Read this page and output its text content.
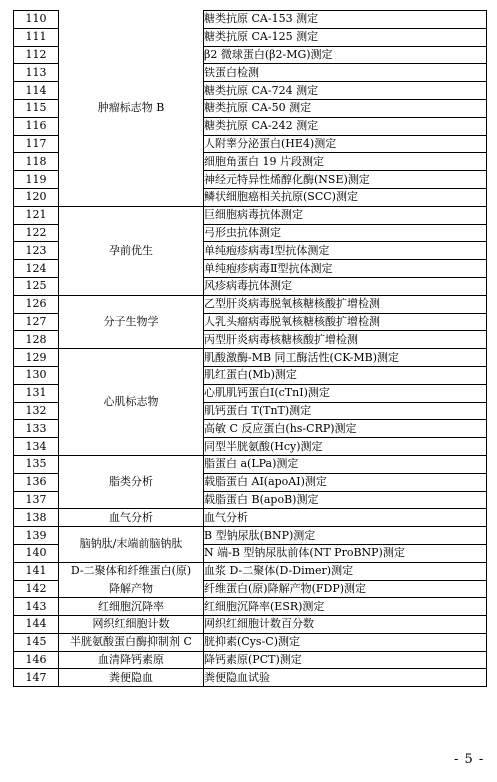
110	肿瘤标志物 B	糖类抗原 CA-153 测定
111		糖类抗原 CA-125 测定
112		β2 微球蛋白(β2-MG)测定
113		铁蛋白检测
114		糖类抗原 CA-724 测定
115		糖类抗原 CA-50 测定
116		糖类抗原 CA-242 测定
117		人附睾分泌蛋白(HE4)测定
118		细胞角蛋白 19 片段测定
119		神经元特异性烯醇化酶(NSE)测定
120		鳞状细胞癌相关抗原(SCC)测定
121	孕前优生	巨细胞病毒抗体测定
122		弓形虫抗体测定
123		单纯疱疹病毒Ⅰ型抗体测定
124		单纯疱疹病毒Ⅱ型抗体测定
125		风疹病毒抗体测定
126	分子生物学	乙型肝炎病毒脱氧核糖核酸扩增检测
127		人乳头瘤病毒脱氧核糖核酸扩增检测
128		丙型肝炎病毒核糖核酸扩增检测
129	心肌标志物	肌酸激酶-MB 同工酶活性(CK-MB)测定
130		肌红蛋白(Mb)测定
131		心肌肌钙蛋白Ⅰ(cTnI)测定
132		肌钙蛋白 T(TnT)测定
133		高敏 C 反应蛋白(hs-CRP)测定
134		同型半胱氨酸(Hcy)测定
135	脂类分析	脂蛋白 a(LPa)测定
136		载脂蛋白 AⅠ(apoAⅠ)测定
137		载脂蛋白 B(apoB)测定
138	血气分析	血气分析
139	脑钠肽/末端前脑钠肽	B 型钠尿肽(BNP)测定
140		N 端-B 型钠尿肽前体(NT ProBNP)测定
141	D-二聚体和纤维蛋白(原)	血浆 D-二聚体(D-Dimer)测定
142	降解产物	纤维蛋白(原)降解产物(FDP)测定
143	红细胞沉降率	红细胞沉降率(ESR)测定
144	网织红细胞计数	网织红细胞计数百分数
145	半胱氨酸蛋白酶抑制剂 C	胱抑素(Cys-C)测定
146	血清降钙素原	降钙素原(PCT)测定
147	粪便隐血	粪便隐血试验
- 5 -
